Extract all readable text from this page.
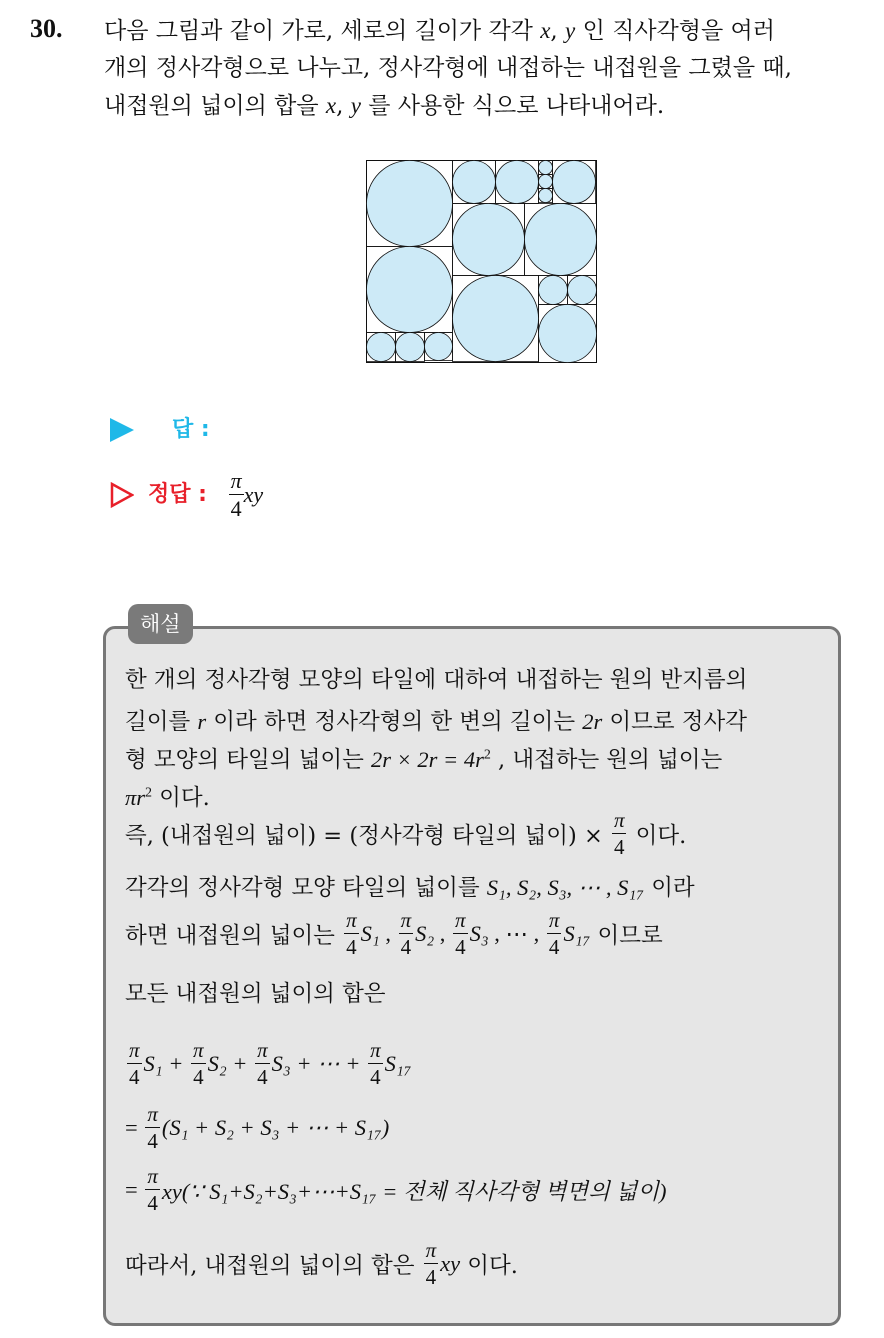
30. 다음 그림과 같이 가로, 세로의 길이가 각각 x, y 인 직사각형을 여러
개의 정사각형으로 나누고, 정사각형에 내접하는 내접원을 그렸을 때,
내접원의 넓이의 합을 x, y 를 사용한 식으로 나타내어라.
답 :
정답 : $\frac{\pi}{4}$ xy
해설
한 개의 정사각형 모양의 타일에 대하여 내접하는 원의 반지름의
길이를 r 이라 하면 정사각형의 한 변의 길이는 2r 이므로 정사각
형 모양의 타일의 넓이는 $2r \times 2r = 4r^2$ , 내접하는 원의 넓이는
$\pi r^2$ 이다.
즉, (내접원의 넓이) = (정사각형 타일의 넓이) × $\frac{\pi}{4}$ 이다.
각각의 정사각형 모양 타일의 넓이를 S₁, S₂, S₃, ⋯ , S₁₇ 이라
하면 내접원의 넓이는 $\frac{\pi}{4} S_1$ , $\frac{\pi}{4} S_2$ , $\frac{\pi}{4} S_3$ , ⋯ , $\frac{\pi}{4} S_{17}$ 이므로
모든 내접원의 넓이의 합은
$\frac{\pi}{4} S_1 + \frac{\pi}{4} S_2 + \frac{\pi}{4} S_3$ + ⋯ + $\frac{\pi}{4} S_{17}$
= $\frac{\pi}{4} (S_1 + S_2 + S_3$ + ⋯ + S₁₇)
= $\frac{\pi}{4}$ xy(∵ S₁+S₂+S₃+⋯+S₁₇ = 전체 직사각형 벽면의 넓이)
따라서, 내접원의 넓이의 합은 $\frac{\pi}{4}$ xy 이다.
